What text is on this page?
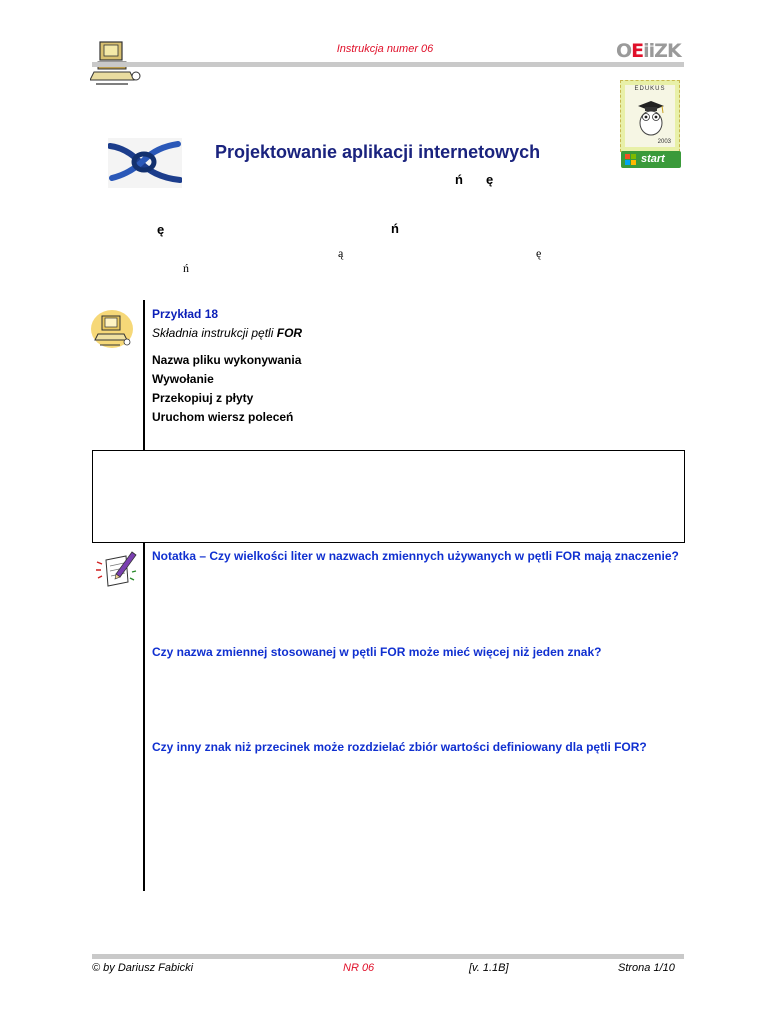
Instrukcja numer 06	OEiiZK
EDUKUS
2003
start
Projektowanie aplikacji internetowych
ń ę
ę	ń
ą	ę
ń
Przykład 18
Składnia instrukcji pętli FOR
Nazwa pliku wykonywania
Wywołanie
Przekopiuj z płyty
Uruchom wiersz poleceń
Notatka – Czy wielkości liter w nazwach zmiennych używanych w pętli FOR mają znaczenie?
Czy nazwa zmiennej stosowanej w pętli FOR może mieć więcej niż jeden znak?
Czy inny znak niż przecinek może rozdzielać zbiór wartości definiowany dla pętli FOR?
© by Dariusz Fabicki	NR 06	[v. 1.1B]	Strona 1/10
